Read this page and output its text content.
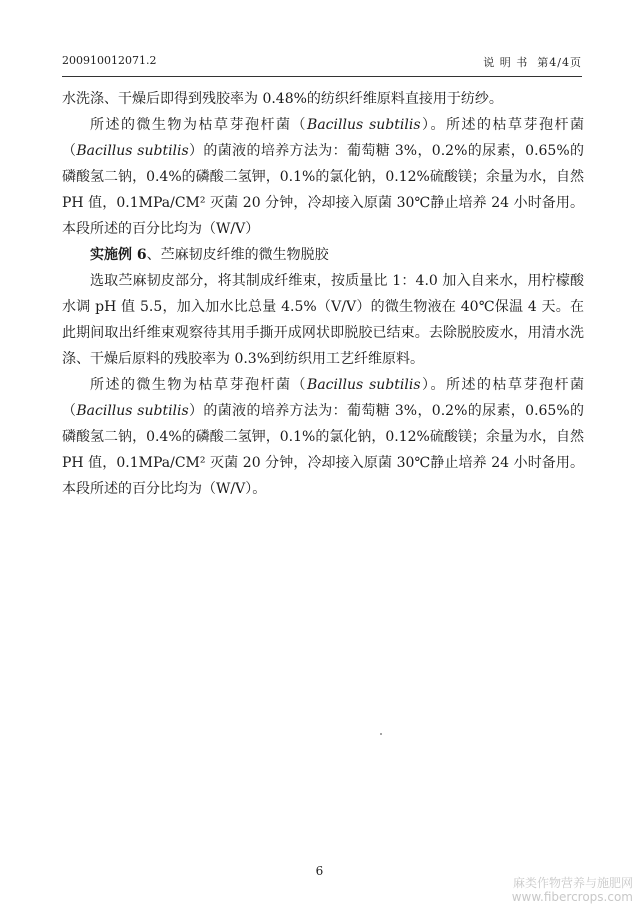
200910012071.2	说 明 书 第4/4页

水洗涤、干燥后即得到残胶率为 0.48%的纺织纤维原料直接用于纺纱。

所述的微生物为枯草芽孢杆菌（Bacillus subtilis）。所述的枯草芽孢杆菌（Bacillus subtilis）的菌液的培养方法为：葡萄糖 3%，0.2%的尿素，0.65%的磷酸氢二钠，0.4%的磷酸二氢钾，0.1%的氯化钠，0.12%硫酸镁；余量为水，自然 PH 值，0.1MPa/CM² 灭菌 20 分钟，冷却接入原菌 30℃静止培养 24 小时备用。本段所述的百分比均为（W/V）

实施例 6、苎麻韧皮纤维的微生物脱胶

选取苎麻韧皮部分，将其制成纤维束，按质量比 1：4.0 加入自来水，用柠檬酸水调 pH 值 5.5，加入加水比总量 4.5%（V/V）的微生物液在 40℃保温 4 天。在此期间取出纤维束观察待其用手撕开成网状即脱胶已结束。去除脱胶废水，用清水洗涤、干燥后原料的残胶率为 0.3%到纺织用工艺纤维原料。

所述的微生物为枯草芽孢杆菌（Bacillus subtilis）。所述的枯草芽孢杆菌（Bacillus subtilis）的菌液的培养方法为：葡萄糖 3%，0.2%的尿素，0.65%的磷酸氢二钠，0.4%的磷酸二氢钾，0.1%的氯化钠，0.12%硫酸镁；余量为水，自然 PH 值，0.1MPa/CM² 灭菌 20 分钟，冷却接入原菌 30℃静止培养 24 小时备用。本段所述的百分比均为（W/V）。

6
麻类作物营养与施肥网
www.fibercrops.com
